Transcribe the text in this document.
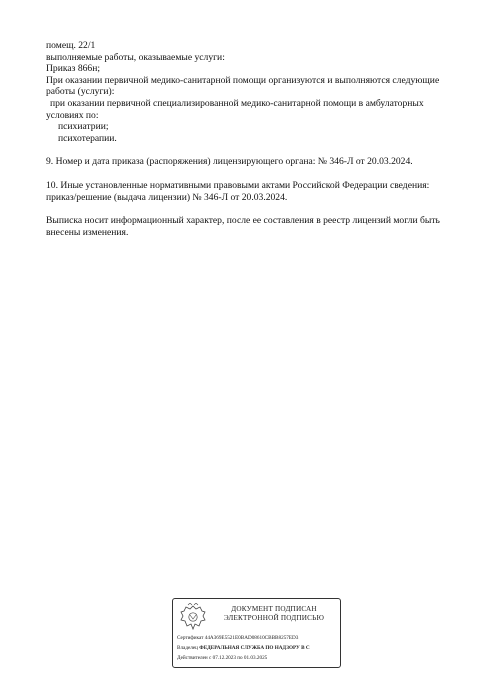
помещ. 22/1
выполняемые работы, оказываемые услуги:
Приказ 866н;
При оказании первичной медико-санитарной помощи организуются и выполняются следующие
работы (услуги):
при оказании первичной специализированной медико-санитарной помощи в амбулаторных
условиях по:
психиатрии;
психотерапии.
9. Номер и дата приказа (распоряжения) лицензирующего органа: № 346-Л от 20.03.2024.
10. Иные установленные нормативными правовыми актами Российской Федерации сведения:
приказ/решение (выдача лицензии) № 346-Л от 20.03.2024.
Выписка носит информационный характер, после ее составления в реестр лицензий могли быть
внесены изменения.
ДОКУМЕНТ ПОДПИСАН
ЭЛЕКТРОННОЙ ПОДПИСЬЮ
Сертификат 44A369E5521E0BAD08610CBBB8257ED3
Владелец ФЕДЕРАЛЬНАЯ СЛУЖБА ПО НАДЗОРУ В С
Действителен с 07.12.2023 по 01.03.2025
